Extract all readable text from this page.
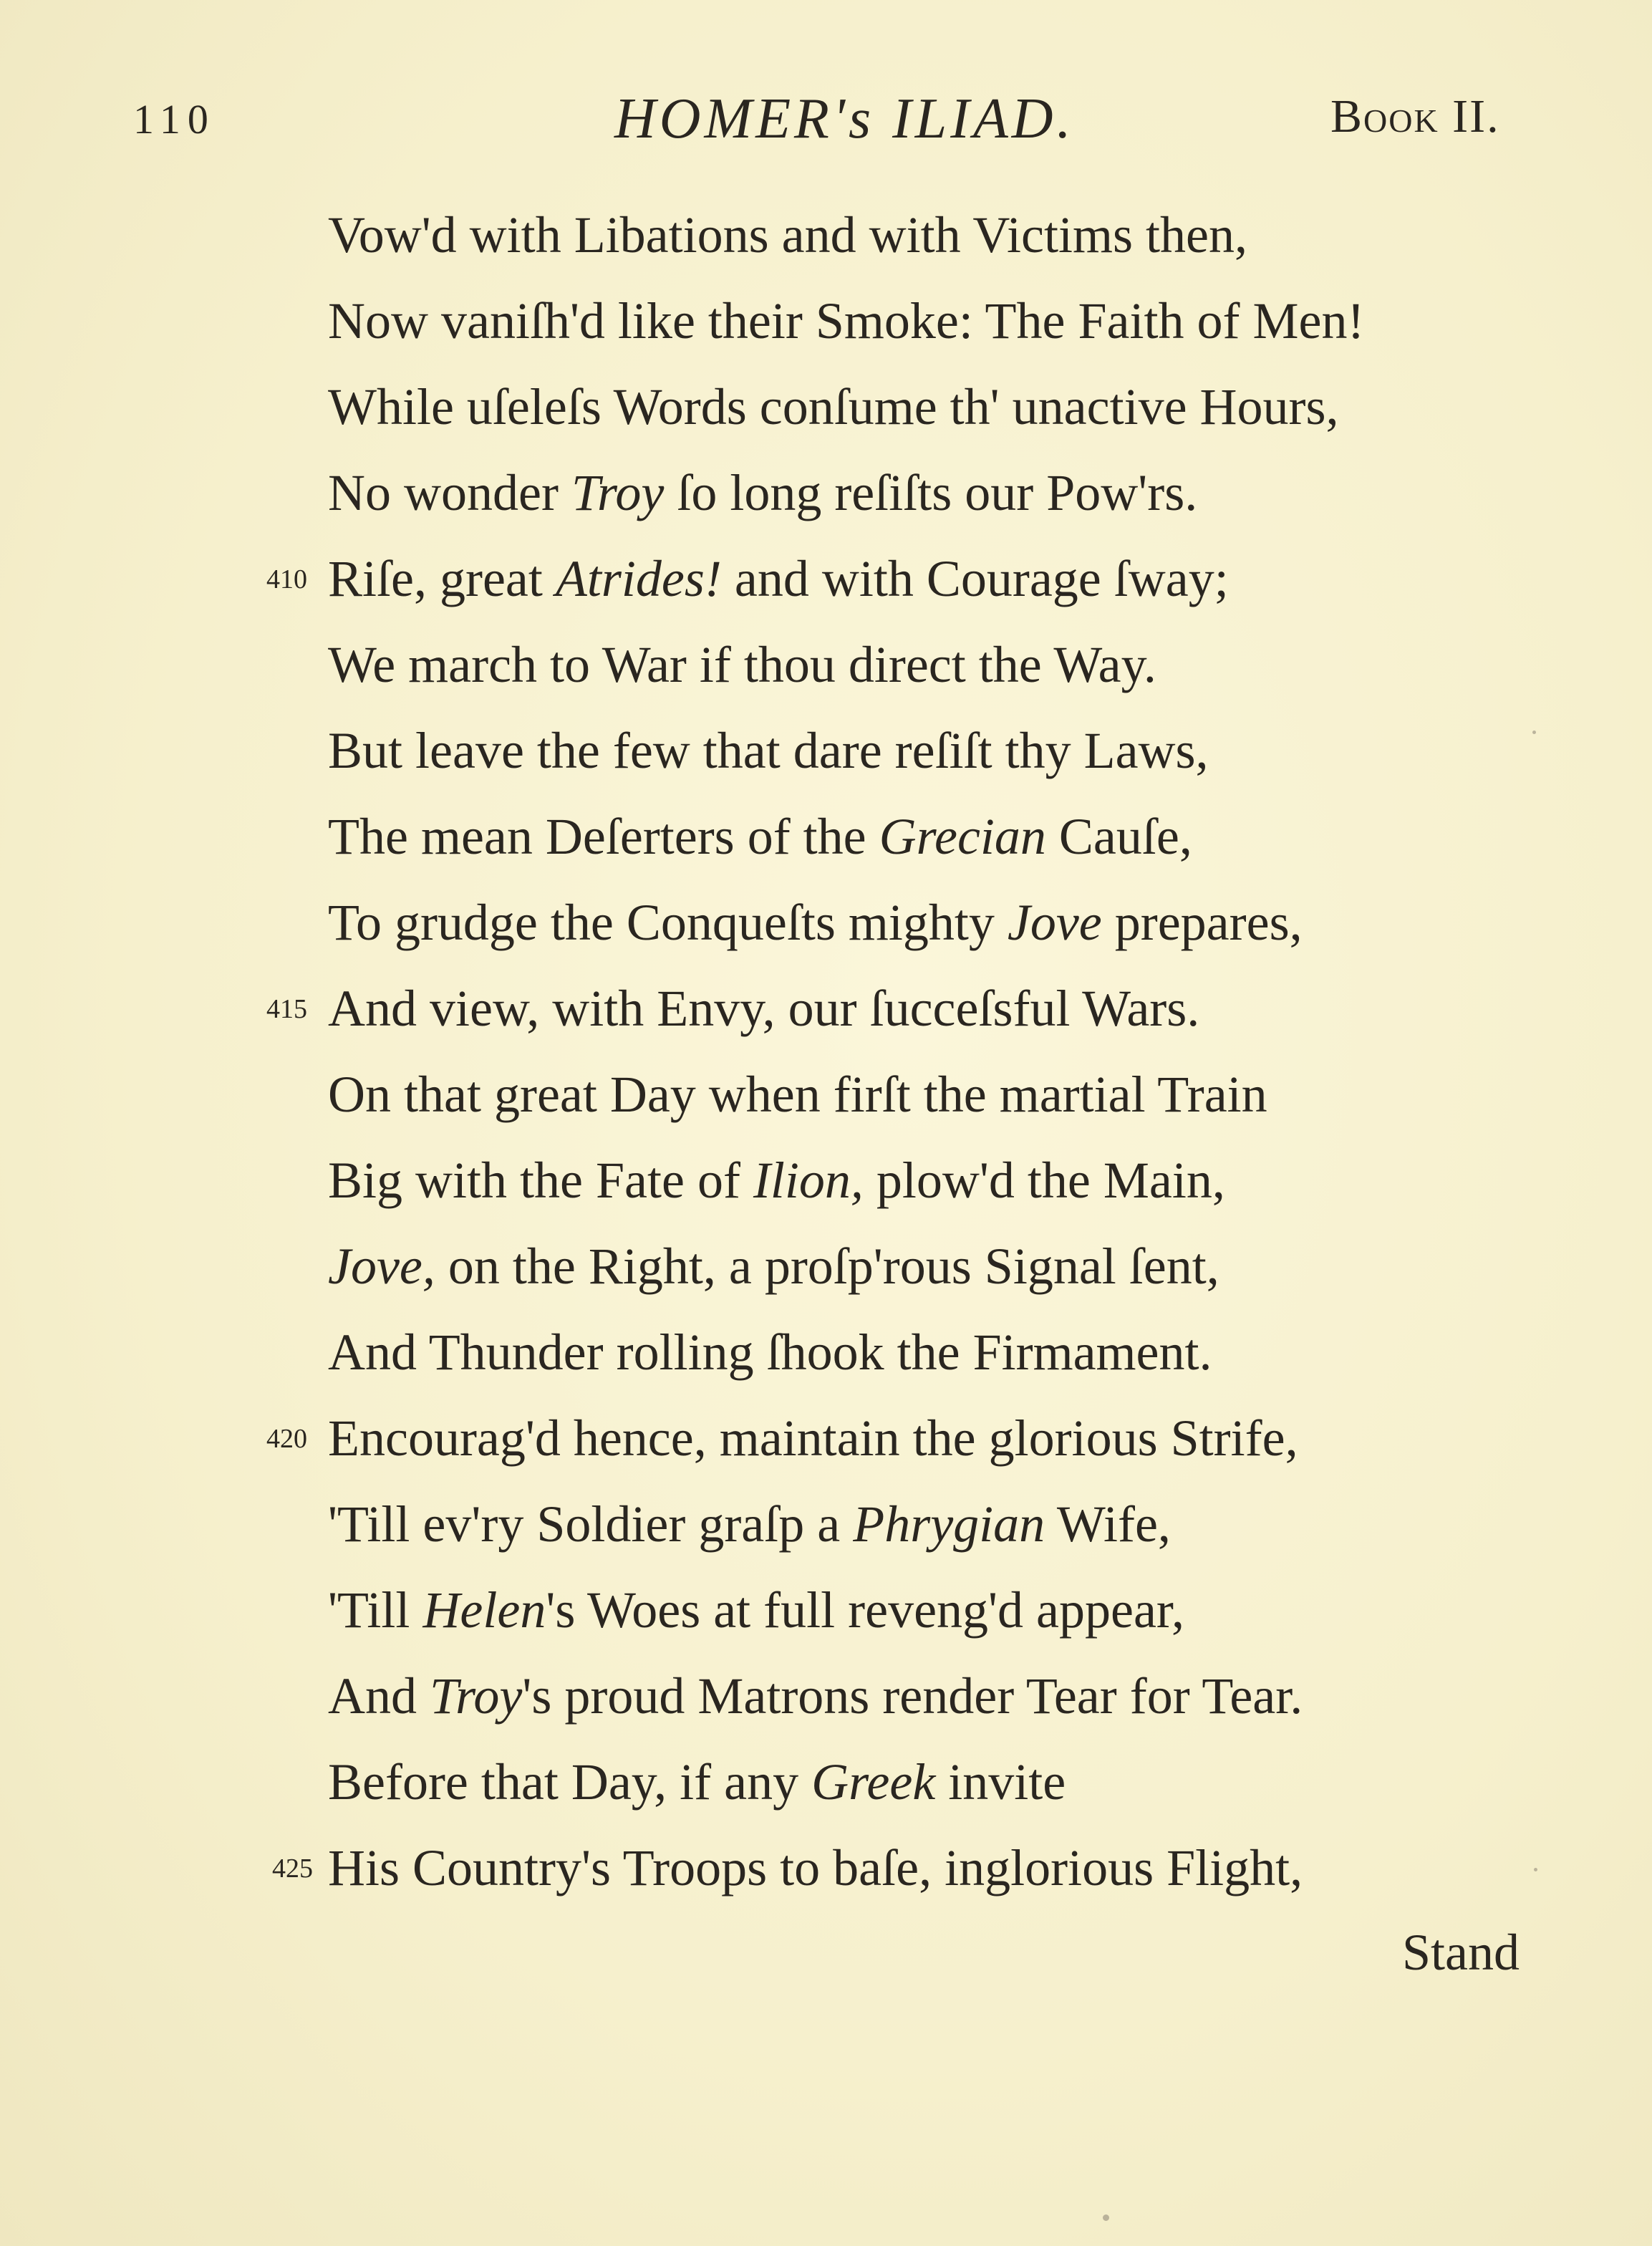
110	HOMER's ILIAD.	Book II.
Vow'd with Libations and with Victims then,
Now vaniſh'd like their Smoke: The Faith of Men!
While uſeleſs Words conſume th' unactive Hours,
No wonder Troy ſo long reſiſts our Pow'rs.
410 Riſe, great Atrides! and with Courage ſway;
We march to War if thou direct the Way.
But leave the few that dare reſiſt thy Laws,
The mean Deſerters of the Grecian Cauſe,
To grudge the Conqueſts mighty Jove prepares,
415 And view, with Envy, our ſucceſsful Wars.
On that great Day when firſt the martial Train
Big with the Fate of Ilion, plow'd the Main,
Jove, on the Right, a proſp'rous Signal ſent,
And Thunder rolling ſhook the Firmament.
420 Encourag'd hence, maintain the glorious Strife,
'Till ev'ry Soldier graſp a Phrygian Wife,
'Till Helen's Woes at full reveng'd appear,
And Troy's proud Matrons render Tear for Tear.
Before that Day, if any Greek invite
425 His Country's Troops to baſe, inglorious Flight,
Stand
